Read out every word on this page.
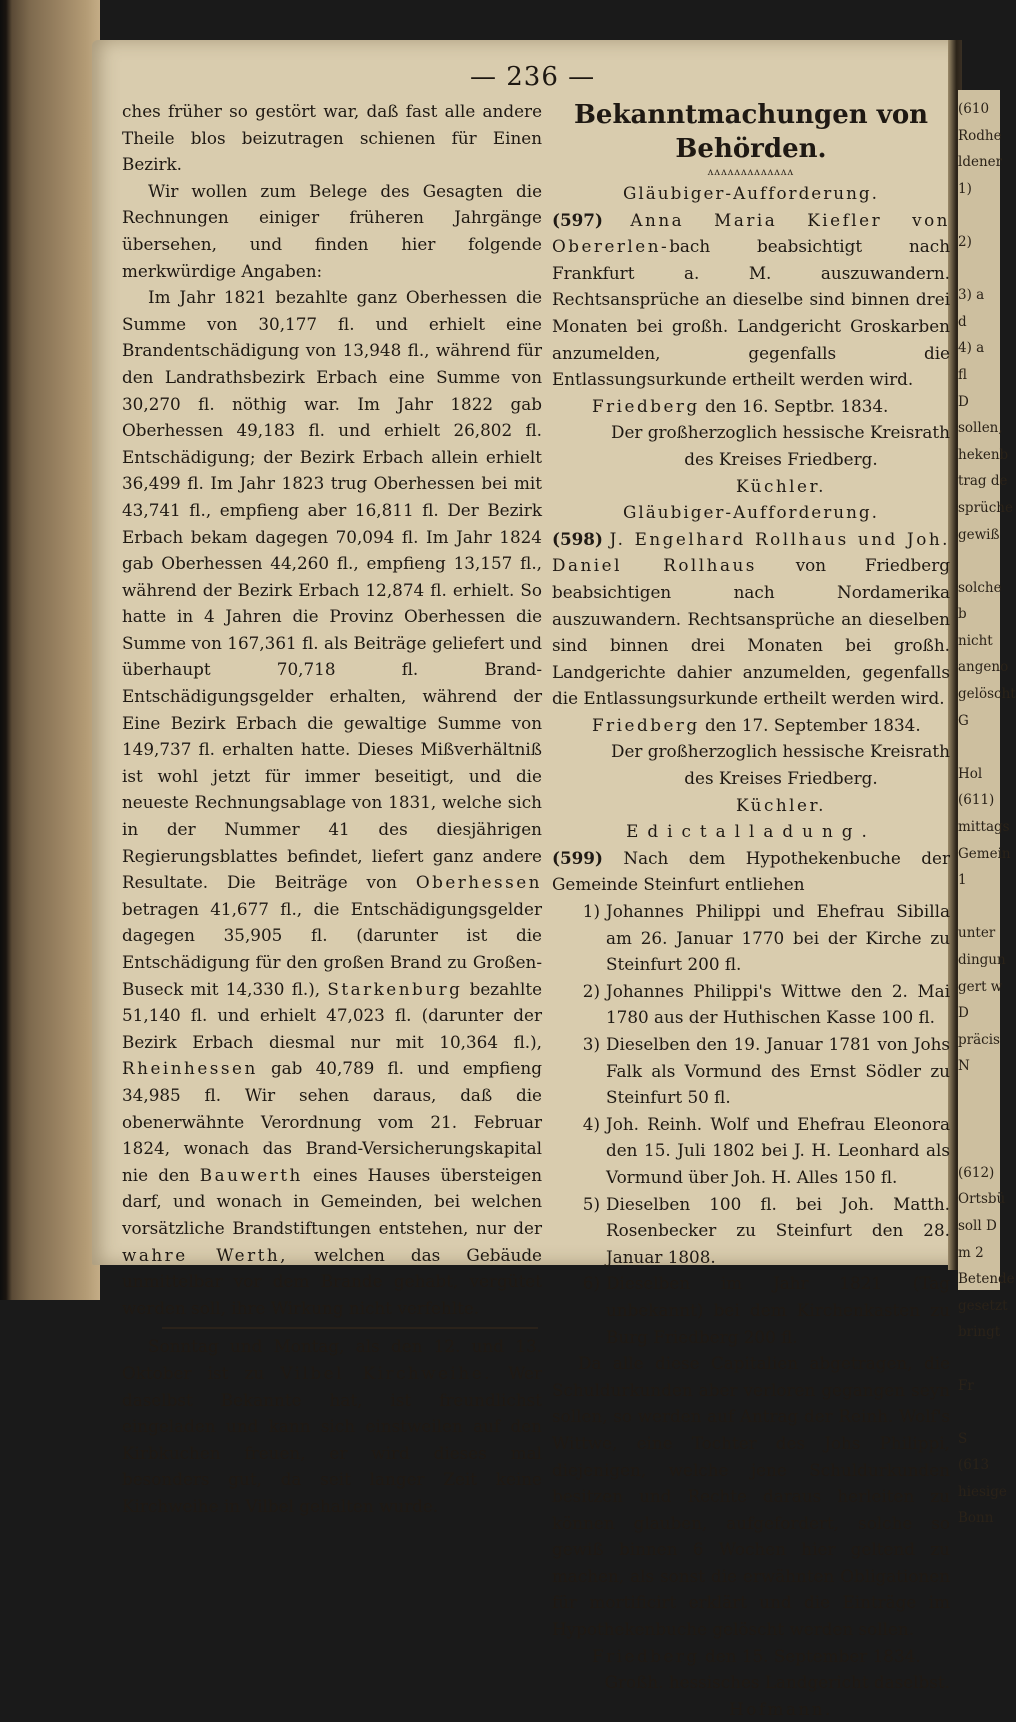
— 236 —

ches früher so gestört war, daß fast alle andere Theile blos beizutragen schienen für Einen Bezirk.

Wir wollen zum Belege des Gesagten die Rechnungen einiger früheren Jahrgänge übersehen, und finden hier folgende merkwürdige Angaben:

Im Jahr 1821 bezahlte ganz Oberhessen die Summe von 30,177 fl. und erhielt eine Brandentschädigung von 13,948 fl., während für den Landrathsbezirk Erbach eine Summe von 30,270 fl. nöthig war. Im Jahr 1822 gab Oberhessen 49,183 fl. und erhielt 26,802 fl. Entschädigung; der Bezirk Erbach allein erhielt 36,499 fl. Im Jahr 1823 trug Oberhessen bei mit 43,741 fl., empfieng aber 16,811 fl. Der Bezirk Erbach bekam dagegen 70,094 fl. Im Jahr 1824 gab Oberhessen 44,260 fl., empfieng 13,157 fl., während der Bezirk Erbach 12,874 fl. erhielt. So hatte in 4 Jahren die Provinz Oberhessen die Summe von 167,361 fl. als Beiträge geliefert und überhaupt 70,718 fl. Brand-Entschädigungsgelder erhalten, während der Eine Bezirk Erbach die gewaltige Summe von 149,737 fl. erhalten hatte. Dieses Mißverhältniß ist wohl jetzt für immer beseitigt, und die neueste Rechnungsablage von 1831, welche sich in der Nummer 41 des diesjährigen Regierungsblattes befindet, liefert ganz andere Resultate. Die Beiträge von Oberhessen betragen 41,677 fl., die Entschädigungsgelder dagegen 35,905 fl. (darunter ist die Entschädigung für den großen Brand zu Großen-Buseck mit 14,330 fl.), Starkenburg bezahlte 51,140 fl. und erhielt 47,023 fl. (darunter der Bezirk Erbach diesmal nur mit 10,364 fl.), Rheinhessen gab 40,789 fl. und empfieng 34,985 fl. Wir sehen daraus, daß die obenerwähnte Verordnung vom 21. Februar 1824, wonach das Brand-Versicherungskapital nie den Bauwerth eines Hauses übersteigen darf, und wonach in Gemeinden, bei welchen vorsätzliche Brandstiftungen entstehen, nur der wahre Werth, welchen das Gebäude unmittelbar vor dem Brande gehabt, vergütet werden soll, ihre Wirkung nicht verfehlte.

Sonntag und Montag, als den 12. und 13. Oktober ist zu Vilbel Kirchweihe. Wer daselbst Bekannte hat, ist freundlichst eingeladen und kann sich einstweilen auf den Kirbkuchen freuen, er wird dieses mal besonders gut, da seit langer Zeit keine Kirchweihe in Vilbel gehalten wurde.

Bekanntmachungen von Behörden.

ʌʌʌʌʌʌʌʌʌʌʌʌʌ

Gläubiger-Aufforderung.

(597) Anna Maria Kiefler von Obererlen-bach beabsichtigt nach Frankfurt a. M. auszuwandern. Rechtsansprüche an dieselbe sind binnen drei Monaten bei großh. Landgericht Groskarben anzumelden, gegenfalls die Entlassungsurkunde ertheilt werden wird.

Friedberg den 16. Septbr. 1834.

Der großherzoglich hessische Kreisrath

des Kreises Friedberg.

Küchler.

Gläubiger-Aufforderung.

(598) J. Engelhard Rollhaus und Joh. Daniel Rollhaus von Friedberg beabsichtigen nach Nordamerika auszuwandern. Rechtsansprüche an dieselben sind binnen drei Monaten bei großh. Landgerichte dahier anzumelden, gegenfalls die Entlassungsurkunde ertheilt werden wird.

Friedberg den 17. September 1834.

Der großherzoglich hessische Kreisrath

des Kreises Friedberg.

Küchler.

Edictalladung.

(599) Nach dem Hypothekenbuche der Gemeinde Steinfurt entliehen

1) Johannes Philippi und Ehefrau Sibilla am 26. Januar 1770 bei der Kirche zu Steinfurt 200 fl.
2) Johannes Philippi's Wittwe den 2. Mai 1780 aus der Huthischen Kasse 100 fl.
3) Dieselben den 19. Januar 1781 von Johs Falk als Vormund des Ernst Södler zu Steinfurt 50 fl.
4) Joh. Reinh. Wolf und Ehefrau Eleonora den 15. Juli 1802 bei J. H. Leonhard als Vormund über Joh. H. Alles 150 fl.
5) Dieselben 100 fl. bei Joh. Matth. Rosenbecker zu Steinfurt den 28. Januar 1808.
6) Dieselben im Jahr 1821 (Tag unbekannt) bei dem Kirchenkasten zu Burg Friedberg 200 fl.

Da alle diese Capitalien abgetragen, die Schuldurkunden aber verloren gegangen seyn sollen, so werden auf Antrag der Reinh. Wolf's Wittwe, eine Tochter des Johs Philippi, diejenigen, welche jene Schuldurkunden besitzen und Rechte daraus herleiten zu können glauben, aufgefordert, solche so gewiß binnen 6 Wochen hier geltend zu machen, als sonst die erwähnten Obligationen für mortificirt erklärt und die Einträge im Hypothekenbuche gelöscht werden sollen.

Friedberg den 15. September 1834.

Großh. hessisches Landgericht daselbst.

Hofmann.

(610
Rodhe
ldener
1)

2)

3) a
d
4) a
fl
D
sollen,
hekenb
trag de
sprüche
gewiß

solche
b
nicht
angeno
gelöscht
G

Hol
(611)
mittags
Gemein
1

unter
dingun
gert w
D
präcis
N

(612)
Ortsbü
soll D
m 2
Betende
gesetzt
bringt

Fr

S
(613
hiesige
Bonn
